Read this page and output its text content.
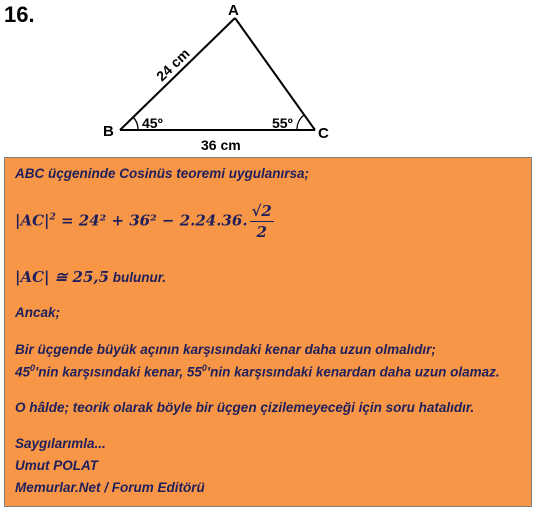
16.	A
B	C
24 cm
36 cm
45º	55º
ABC üçgeninde Cosinüs teoremi uygulanırsa;
$|AC|^2 = 24^2 + 36^2 - 2.24.36$. $\frac{√2}{2}$
|AC| ≅ 25,5 bulunur.
Ancak;
Bir üçgende büyük açının karşısındaki kenar daha uzun olmalıdır;
$45^0'nin$ karşısındaki kenar, $55^0'nin$ karşısındaki kenardan daha uzun olamaz.
O hâlde; teorik olarak böyle bir üçgen çizilemeyeceği için soru hatalıdır.
Saygılarımla...
Umut POLAT
Memurlar.Net / Forum Editörü
